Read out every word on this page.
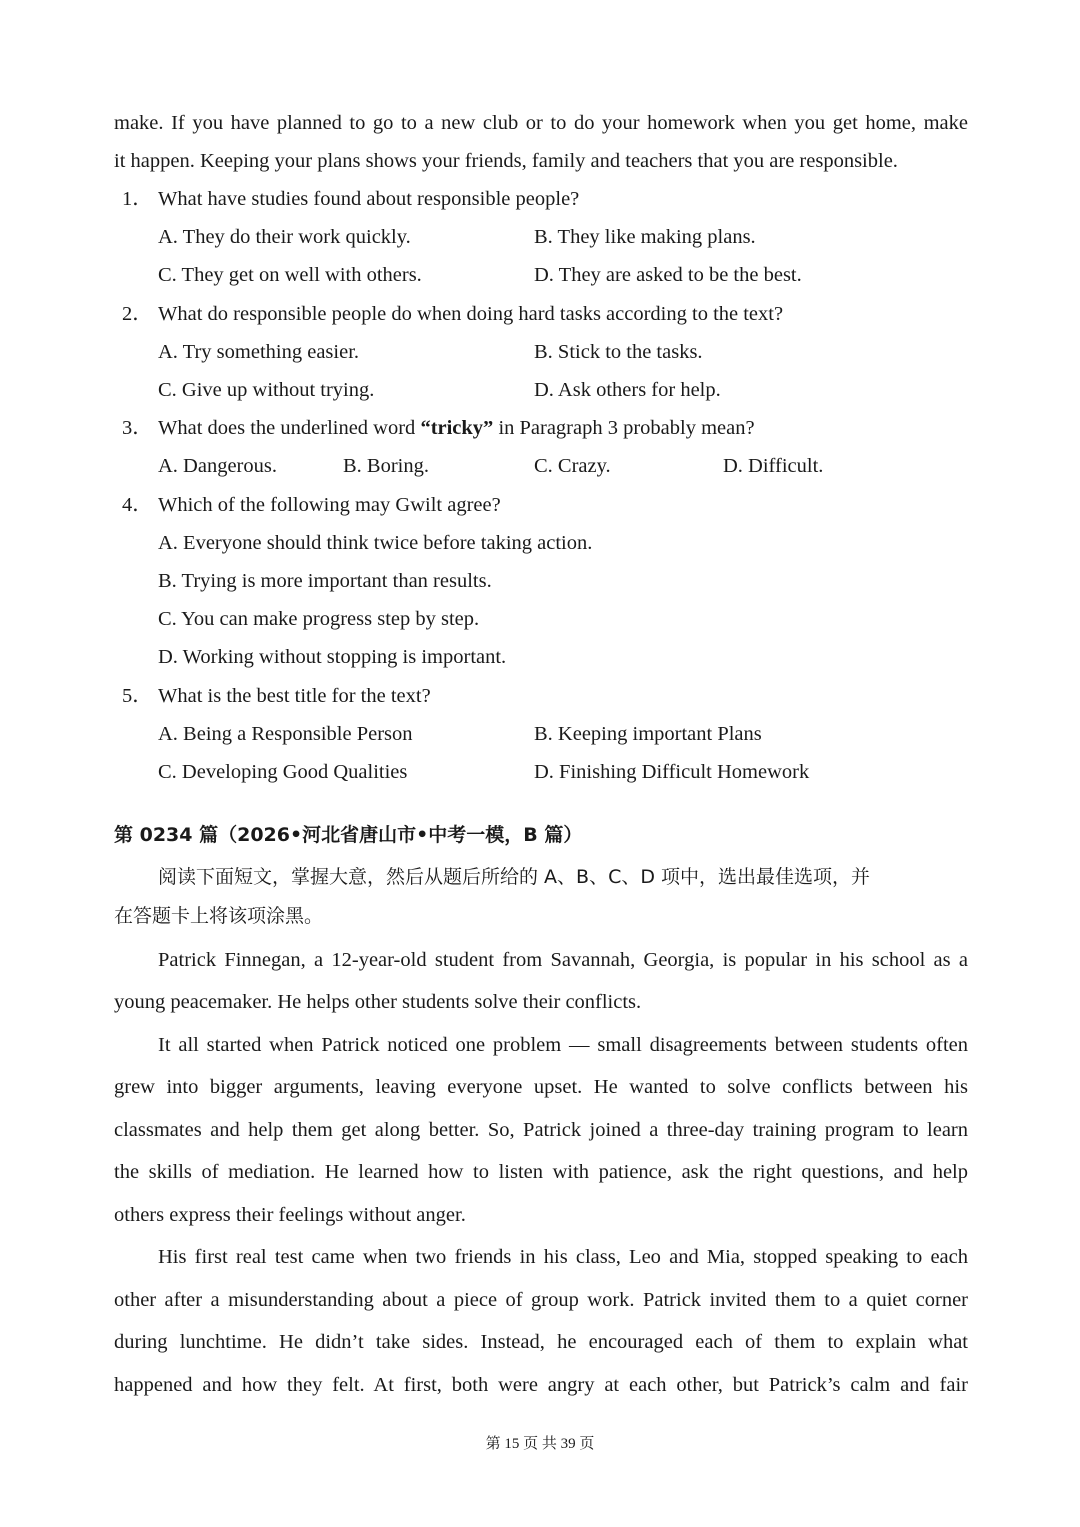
make. If you have planned to go to a new club or to do your homework when you get home, make
it happen. Keeping your plans shows your friends, family and teachers that you are responsible.
1． What have studies found about responsible people?
A. They do their work quickly.	B. They like making plans.
C. They get on well with others.	D. They are asked to be the best.
2． What do responsible people do when doing hard tasks according to the text?
A. Try something easier.	B. Stick to the tasks.
C. Give up without trying.	D. Ask others for help.
3． What does the underlined word “tricky” in Paragraph 3 probably mean?
A. Dangerous.	B. Boring.	C. Crazy.	D. Difficult.
4． Which of the following may Gwilt agree?
A. Everyone should think twice before taking action.
B. Trying is more important than results.
C. You can make progress step by step.
D. Working without stopping is important.
5． What is the best title for the text?
A. Being a Responsible Person	B. Keeping important Plans
C. Developing Good Qualities	D. Finishing Difficult Homework
第 0234 篇（2026•河北省唐山市•中考一模，B 篇）
阅读下面短文，掌握大意，然后从题后所给的 A、B、C、D 项中，选出最佳选项，并
在答题卡上将该项涂黑。
Patrick Finnegan, a 12-year-old student from Savannah, Georgia, is popular in his school as a
young peacemaker. He helps other students solve their conflicts.
It all started when Patrick noticed one problem — small disagreements between students often
grew into bigger arguments, leaving everyone upset. He wanted to solve conflicts between his
classmates and help them get along better. So, Patrick joined a three-day training program to learn
the skills of mediation. He learned how to listen with patience, ask the right questions, and help
others express their feelings without anger.
His first real test came when two friends in his class, Leo and Mia, stopped speaking to each
other after a misunderstanding about a piece of group work. Patrick invited them to a quiet corner
during lunchtime. He didn’t take sides. Instead, he encouraged each of them to explain what
happened and how they felt. At first, both were angry at each other, but Patrick’s calm and fair
第 15 页 共 39 页
